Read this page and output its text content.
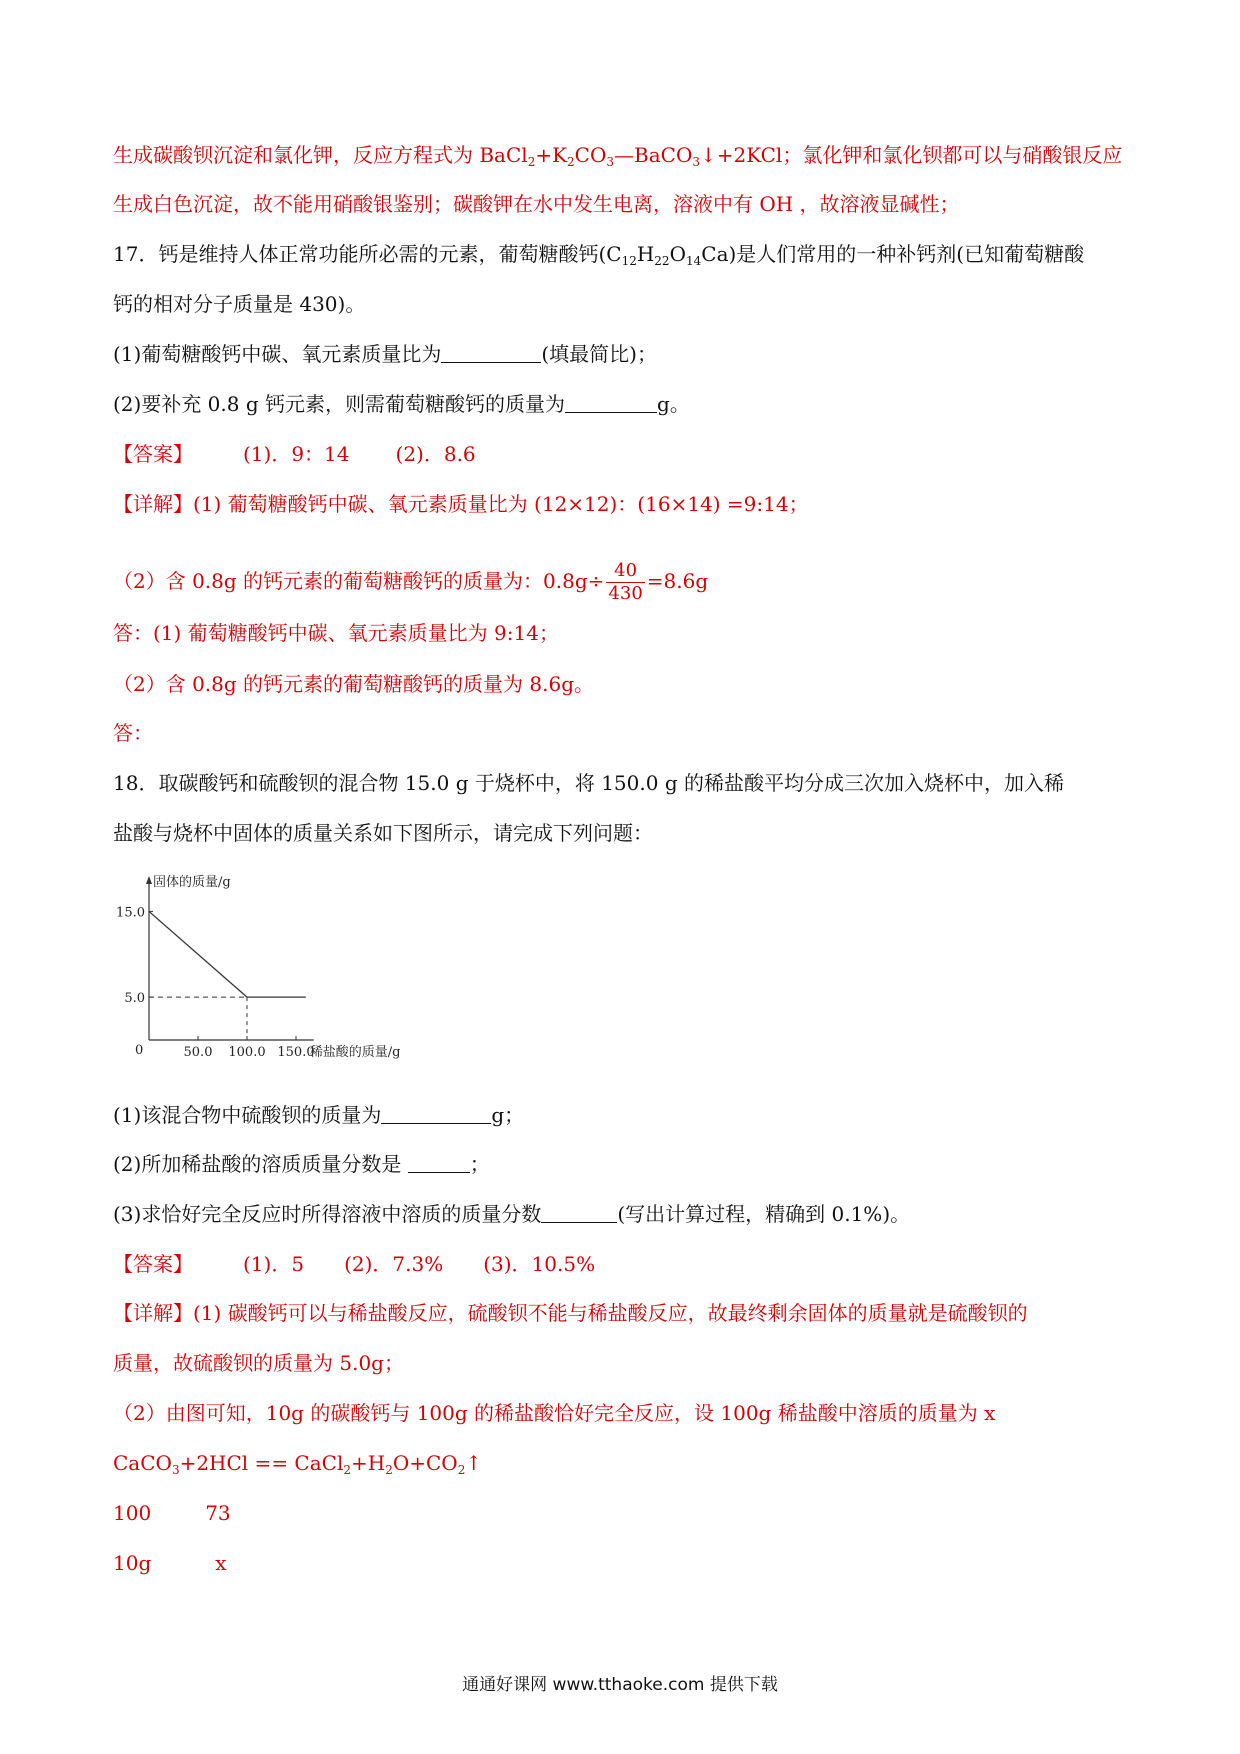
生成碳酸钡沉淀和氯化钾，反应方程式为 $BaCl_2+K_2CO_3—BaCO_3↓+2KCl$；氯化钾和氯化钡都可以与硝酸银反应
生成白色沉淀，故不能用硝酸银鉴别；碳酸钾在水中发生电离，溶液中有 OH ，故溶液显碱性；
17．钙是维持人体正常功能所必需的元素，葡萄糖酸钙$(C_{12}H_{22}O_{14}Ca)$是人们常用的一种补钙剂(已知葡萄糖酸
钙的相对分子质量是 430)。
(1)葡萄糖酸钙中碳、氧元素质量比为	(填最简比)；
(2)要补充 0.8 g 钙元素，则需葡萄糖酸钙的质量为	g。
【答案】	(1)．9：14 (2)．8.6
【详解】(1) 葡萄糖酸钙中碳、氧元素质量比为 (12×12)：(16×14) =9:14；
（2）含 0.8g 的钙元素的葡萄糖酸钙的质量为：$0.8g\div \frac{40}{430} =8.6g$
答：(1) 葡萄糖酸钙中碳、氧元素质量比为 9:14；
（2）含 0.8g 的钙元素的葡萄糖酸钙的质量为 8.6g。
答：
18．取碳酸钙和硫酸钡的混合物 15.0 g 于烧杯中，将 150.0 g 的稀盐酸平均分成三次加入烧杯中，加入稀
盐酸与烧杯中固体的质量关系如下图所示，请完成下列问题：
固体的质量/g
稀盐酸的质量/g
0	50.0 100.0 150.0
5.0
15.0
(1)该混合物中硫酸钡的质量为	g；
(2)所加稀盐酸的溶质质量分数是	；
(3)求恰好完全反应时所得溶液中溶质的质量分数	(写出计算过程，精确到 0.1%)。
【答案】	(1)．5 (2)．7.3% (3)．10.5%
【详解】(1) 碳酸钙可以与稀盐酸反应，硫酸钡不能与稀盐酸反应，故最终剩余固体的质量就是硫酸钡的
质量，故硫酸钡的质量为 5.0g；
（2）由图可知，10g 的碳酸钙与 100g 的稀盐酸恰好完全反应，设 100g 稀盐酸中溶质的质量为 x
CaCO$_3$+2HCl == $CaCl_2+H_2O+CO_2↑$
100	73
10g	x
通通好课网 www.tthaoke.com 提供下载
